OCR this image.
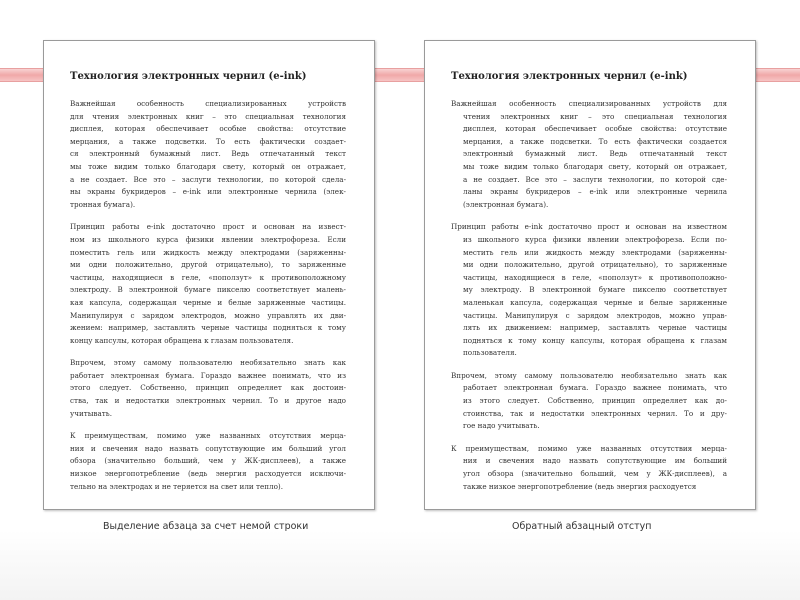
Технология электронных чернил (e-ink)
Важнейшая особенность специализированных устройств
для чтения электронных книг – это специальная технология
дисплея, которая обеспечивает особые свойства: отсутствие
мерцания, а также подсветки. То есть фактически создает-
ся электронный бумажный лист. Ведь отпечатанный текст
мы тоже видим только благодаря свету, который он отражает,
а не создает. Все это – заслуги технологии, по которой сдела-
ны экраны букридеров – e-ink или электронные чернила (элек-
тронная бумага).
Принцип работы e-ink достаточно прост и основан на извест-
ном из школьного курса физики явлении электрофореза. Если
поместить гель или жидкость между электродами (заряженны-
ми одни положительно, другой отрицательно), то заряженные
частицы, находящиеся в геле, «поползут» к противоположному
электроду. В электронной бумаге пикселю соответствует малень-
кая капсула, содержащая черные и белые заряженные частицы.
Манипулируя с зарядом электродов, можно управлять их дви-
жением: например, заставлять черные частицы подняться к тому
концу капсулы, которая обращена к глазам пользователя.
Впрочем, этому самому пользователю необязательно знать как
работает электронная бумага. Гораздо важнее понимать, что из
этого следует. Собственно, принцип определяет как достоин-
ства, так и недостатки электронных чернил. То и другое надо
учитывать.
К преимуществам, помимо уже названных отсутствия мерца-
ния и свечения надо назвать сопутствующие им больший угол
обзора (значительно больший, чем у ЖК-дисплеев), а также
низкое энергопотребление (ведь энергия расходуется исключи-
тельно на электродах и не теряется на свет или тепло).
Технология электронных чернил (e-ink)
Важнейшая особенность специализированных устройств для
чтения электронных книг – это специальная технология
дисплея, которая обеспечивает особые свойства: отсутствие
мерцания, а также подсветки. То есть фактически создается
электронный бумажный лист. Ведь отпечатанный текст
мы тоже видим только благодаря свету, который он отражает,
а не создает. Все это – заслуги технологии, по которой сде-
ланы экраны букридеров – e-ink или электронные чернила
(электронная бумага).
Принцип работы e-ink достаточно прост и основан на известном
из школьного курса физики явлении электрофореза. Если по-
местить гель или жидкость между электродами (заряженны-
ми одни положительно, другой отрицательно), то заряженные
частицы, находящиеся в геле, «поползут» к противоположно-
му электроду. В электронной бумаге пикселю соответствует
маленькая капсула, содержащая черные и белые заряженные
частицы. Манипулируя с зарядом электродов, можно управ-
лять их движением: например, заставлять черные частицы
подняться к тому концу капсулы, которая обращена к глазам
пользователя.
Впрочем, этому самому пользователю необязательно знать как
работает электронная бумага. Гораздо важнее понимать, что
из этого следует. Собственно, принцип определяет как до-
стоинства, так и недостатки электронных чернил. То и дру-
гое надо учитывать.
К преимуществам, помимо уже названных отсутствия мерца-
ния и свечения надо назвать сопутствующие им больший
угол обзора (значительно больший, чем у ЖК-дисплеев), а
также низкое энергопотребление (ведь энергия расходуется
Выделение абзаца за счет немой строки	Обратный абзацный отступ
